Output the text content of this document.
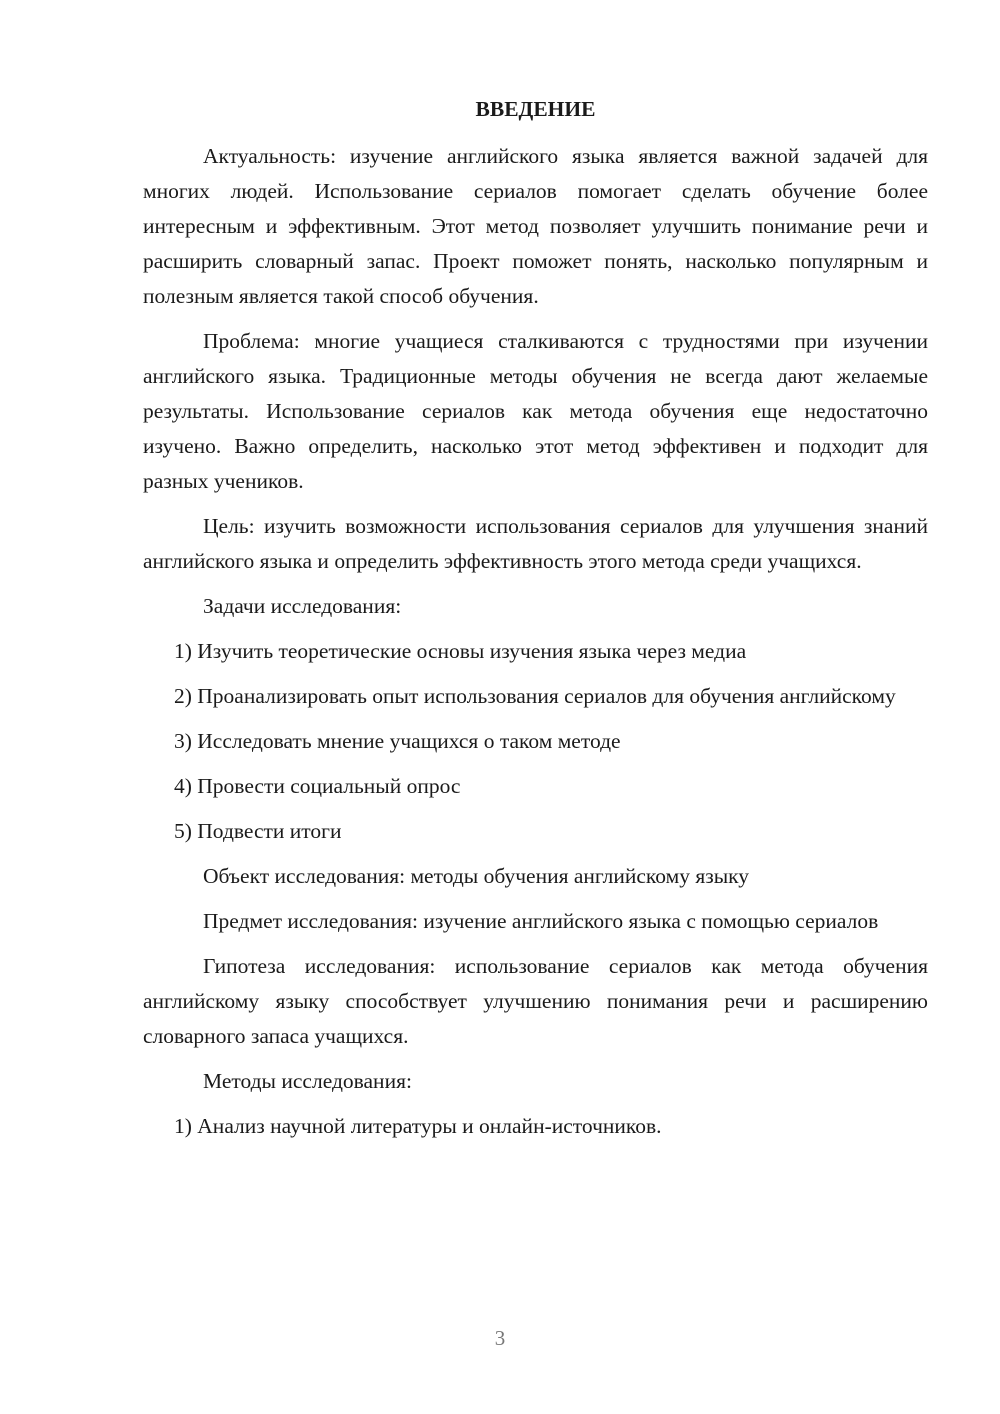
ВВЕДЕНИЕ

Актуальность: изучение английского языка является важной задачей для многих людей. Использование сериалов помогает сделать обучение более интересным и эффективным. Этот метод позволяет улучшить понимание речи и расширить словарный запас. Проект поможет понять, насколько популярным и полезным является такой способ обучения.

Проблема: многие учащиеся сталкиваются с трудностями при изучении английского языка. Традиционные методы обучения не всегда дают желаемые результаты. Использование сериалов как метода обучения еще недостаточно изучено. Важно определить, насколько этот метод эффективен и подходит для разных учеников.

Цель: изучить возможности использования сериалов для улучшения знаний английского языка и определить эффективность этого метода среди учащихся.

Задачи исследования:

1) Изучить теоретические основы изучения языка через медиа

2) Проанализировать опыт использования сериалов для обучения английскому

3) Исследовать мнение учащихся о таком методе

4) Провести социальный опрос

5) Подвести итоги

Объект исследования: методы обучения английскому языку

Предмет исследования: изучение английского языка с помощью сериалов

Гипотеза исследования: использование сериалов как метода обучения английскому языку способствует улучшению понимания речи и расширению словарного запаса учащихся.

Методы исследования:

1) Анализ научной литературы и онлайн-источников.

3
